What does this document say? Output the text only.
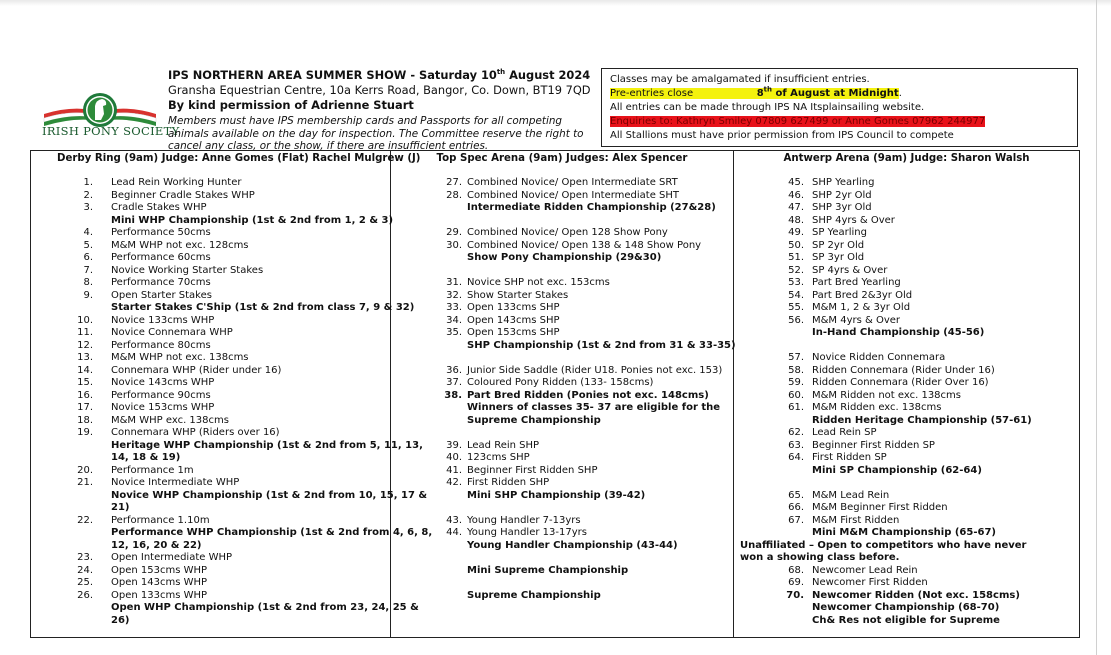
IRISH PONY SOCIETY
IPS NORTHERN AREA SUMMER SHOW - Saturday 10th August 2024
Gransha Equestrian Centre, 10a Kerrs Road, Bangor, Co. Down, BT19 7QD
By kind permission of Adrienne Stuart
Members must have IPS membership cards and Passports for all competing animals available on the day for inspection. The Committee reserve the right to cancel any class, or the show, if there are insufficient entries.
Classes may be amalgamated if insufficient entries.
Pre-entries close	8th of August at Midnight.
All entries can be made through IPS NA Itsplainsailing website.
Enquiries to: Kathryn Smiley 07809 627499 or Anne Gomes 07962 244977
All Stallions must have prior permission from IPS Council to compete
Derby Ring (9am) Judge: Anne Gomes (Flat) Rachel Mulgrew (J)
1. Lead Rein Working Hunter
2. Beginner Cradle Stakes WHP
3. Cradle Stakes WHP
Mini WHP Championship (1st & 2nd from 1, 2 & 3)
4. Performance 50cms
5. M&M WHP not exc. 128cms
6. Performance 60cms
7. Novice Working Starter Stakes
8. Performance 70cms
9. Open Starter Stakes
Starter Stakes C'Ship (1st & 2nd from class 7, 9 & 32)
10. Novice 133cms WHP
11. Novice Connemara WHP
12. Performance 80cms
13. M&M WHP not exc. 138cms
14. Connemara WHP (Rider under 16)
15. Novice 143cms WHP
16. Performance 90cms
17. Novice 153cms WHP
18. M&M WHP exc. 138cms
19. Connemara WHP (Riders over 16)
Heritage WHP Championship (1st & 2nd from 5, 11, 13,
14, 18 & 19)
20. Performance 1m
21. Novice Intermediate WHP
Novice WHP Championship (1st & 2nd from 10, 15, 17 &
21)
22. Performance 1.10m
Performance WHP Championship (1st & 2nd from 4, 6, 8,
12, 16, 20 & 22)
23. Open Intermediate WHP
24. Open 153cms WHP
25. Open 143cms WHP
26. Open 133cms WHP
Open WHP Championship (1st & 2nd from 23, 24, 25 &
26)
Top Spec Arena (9am) Judges: Alex Spencer
27. Combined Novice/ Open Intermediate SRT
28. Combined Novice/ Open Intermediate SHT
Intermediate Ridden Championship (27&28)
29. Combined Novice/ Open 128 Show Pony
30. Combined Novice/ Open 138 & 148 Show Pony
Show Pony Championship (29&30)
31. Novice SHP not exc. 153cms
32. Show Starter Stakes
33. Open 133cms SHP
34. Open 143cms SHP
35. Open 153cms SHP
SHP Championship (1st & 2nd from 31 & 33-35)
36. Junior Side Saddle (Rider U18. Ponies not exc. 153)
37. Coloured Pony Ridden (133- 158cms)
38. Part Bred Ridden (Ponies not exc. 148cms)
Winners of classes 35- 37 are eligible for the
Supreme Championship
39. Lead Rein SHP
40. 123cms SHP
41. Beginner First Ridden SHP
42. First Ridden SHP
Mini SHP Championship (39-42)
43. Young Handler 7-13yrs
44. Young Handler 13-17yrs
Young Handler Championship (43-44)
Mini Supreme Championship
Supreme Championship
Antwerp Arena (9am) Judge: Sharon Walsh
45. SHP Yearling
46. SHP 2yr Old
47. SHP 3yr Old
48. SHP 4yrs & Over
49. SP Yearling
50. SP 2yr Old
51. SP 3yr Old
52. SP 4yrs & Over
53. Part Bred Yearling
54. Part Bred 2&3yr Old
55. M&M 1, 2 & 3yr Old
56. M&M 4yrs & Over
In-Hand Championship (45-56)
57. Novice Ridden Connemara
58. Ridden Connemara (Rider Under 16)
59. Ridden Connemara (Rider Over 16)
60. M&M Ridden not exc. 138cms
61. M&M Ridden exc. 138cms
Ridden Heritage Championship (57-61)
62. Lead Rein SP
63. Beginner First Ridden SP
64. First Ridden SP
Mini SP Championship (62-64)
65. M&M Lead Rein
66. M&M Beginner First Ridden
67. M&M First Ridden
Mini M&M Championship (65-67)
Unaffiliated – Open to competitors who have never won a showing class before.
68. Newcomer Lead Rein
69. Newcomer First Ridden
70. Newcomer Ridden (Not exc. 158cms)
Newcomer Championship (68-70)
Ch& Res not eligible for Supreme
